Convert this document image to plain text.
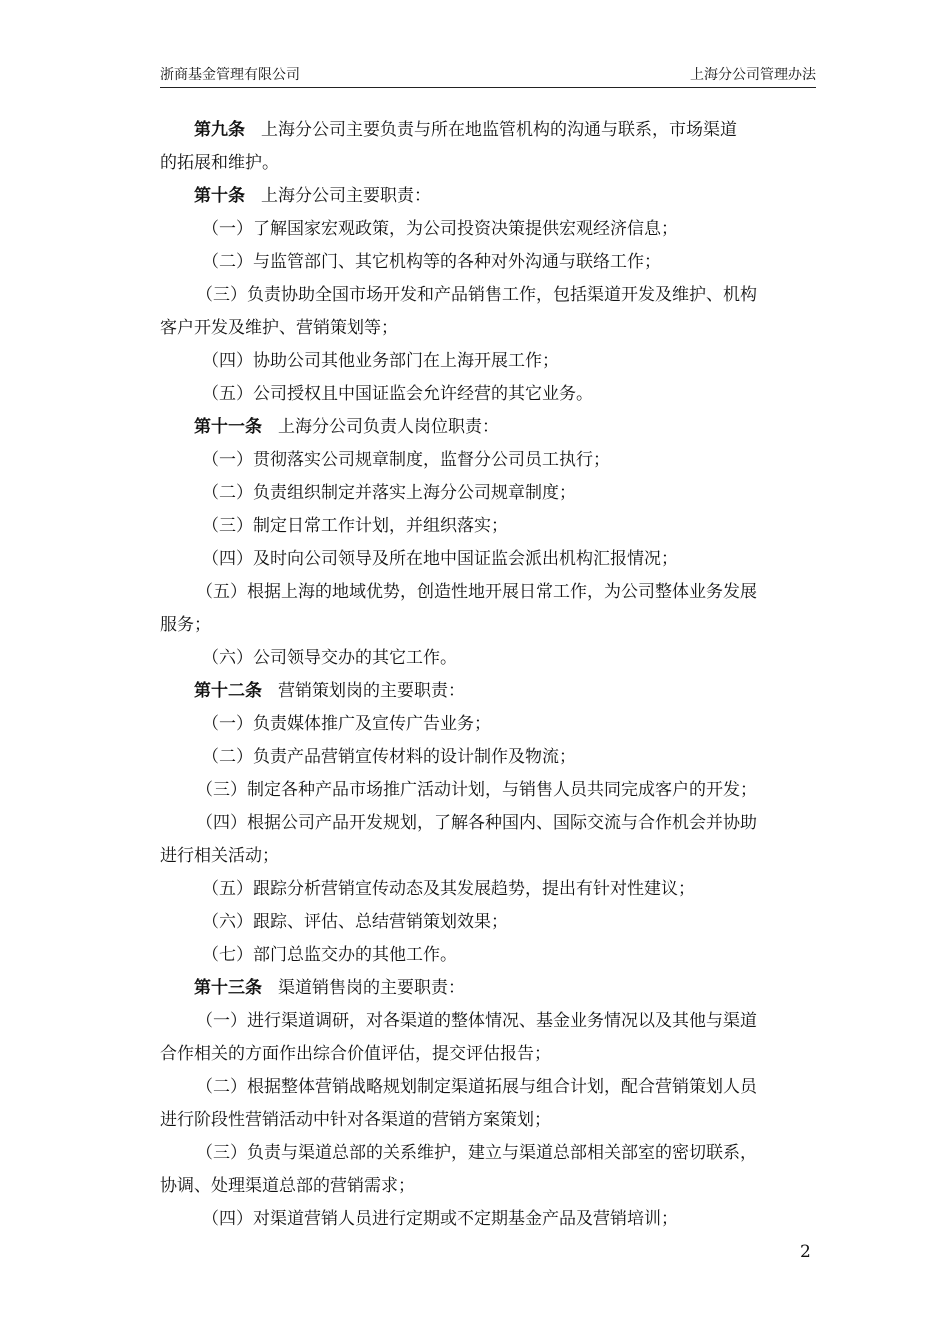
浙商基金管理有限公司	上海分公司管理办法

第九条 上海分公司主要负责与所在地监管机构的沟通与联系，市场渠道

的拓展和维护。

第十条 上海分公司主要职责：

（一）了解国家宏观政策，为公司投资决策提供宏观经济信息；

（二）与监管部门、其它机构等的各种对外沟通与联络工作；

（三）负责协助全国市场开发和产品销售工作，包括渠道开发及维护、机构

客户开发及维护、营销策划等；

（四）协助公司其他业务部门在上海开展工作；

（五）公司授权且中国证监会允许经营的其它业务。

第十一条 上海分公司负责人岗位职责：

（一）贯彻落实公司规章制度，监督分公司员工执行；

（二）负责组织制定并落实上海分公司规章制度；

（三）制定日常工作计划，并组织落实；

（四）及时向公司领导及所在地中国证监会派出机构汇报情况；

（五）根据上海的地域优势，创造性地开展日常工作，为公司整体业务发展

服务；

（六）公司领导交办的其它工作。

第十二条 营销策划岗的主要职责：

（一）负责媒体推广及宣传广告业务；

（二）负责产品营销宣传材料的设计制作及物流；

（三）制定各种产品市场推广活动计划，与销售人员共同完成客户的开发；

（四）根据公司产品开发规划，了解各种国内、国际交流与合作机会并协助

进行相关活动；

（五）跟踪分析营销宣传动态及其发展趋势，提出有针对性建议；

（六）跟踪、评估、总结营销策划效果；

（七）部门总监交办的其他工作。

第十三条 渠道销售岗的主要职责：

（一）进行渠道调研，对各渠道的整体情况、基金业务情况以及其他与渠道

合作相关的方面作出综合价值评估，提交评估报告；

（二）根据整体营销战略规划制定渠道拓展与组合计划，配合营销策划人员

进行阶段性营销活动中针对各渠道的营销方案策划；

（三）负责与渠道总部的关系维护，建立与渠道总部相关部室的密切联系，

协调、处理渠道总部的营销需求；

（四）对渠道营销人员进行定期或不定期基金产品及营销培训；

2
